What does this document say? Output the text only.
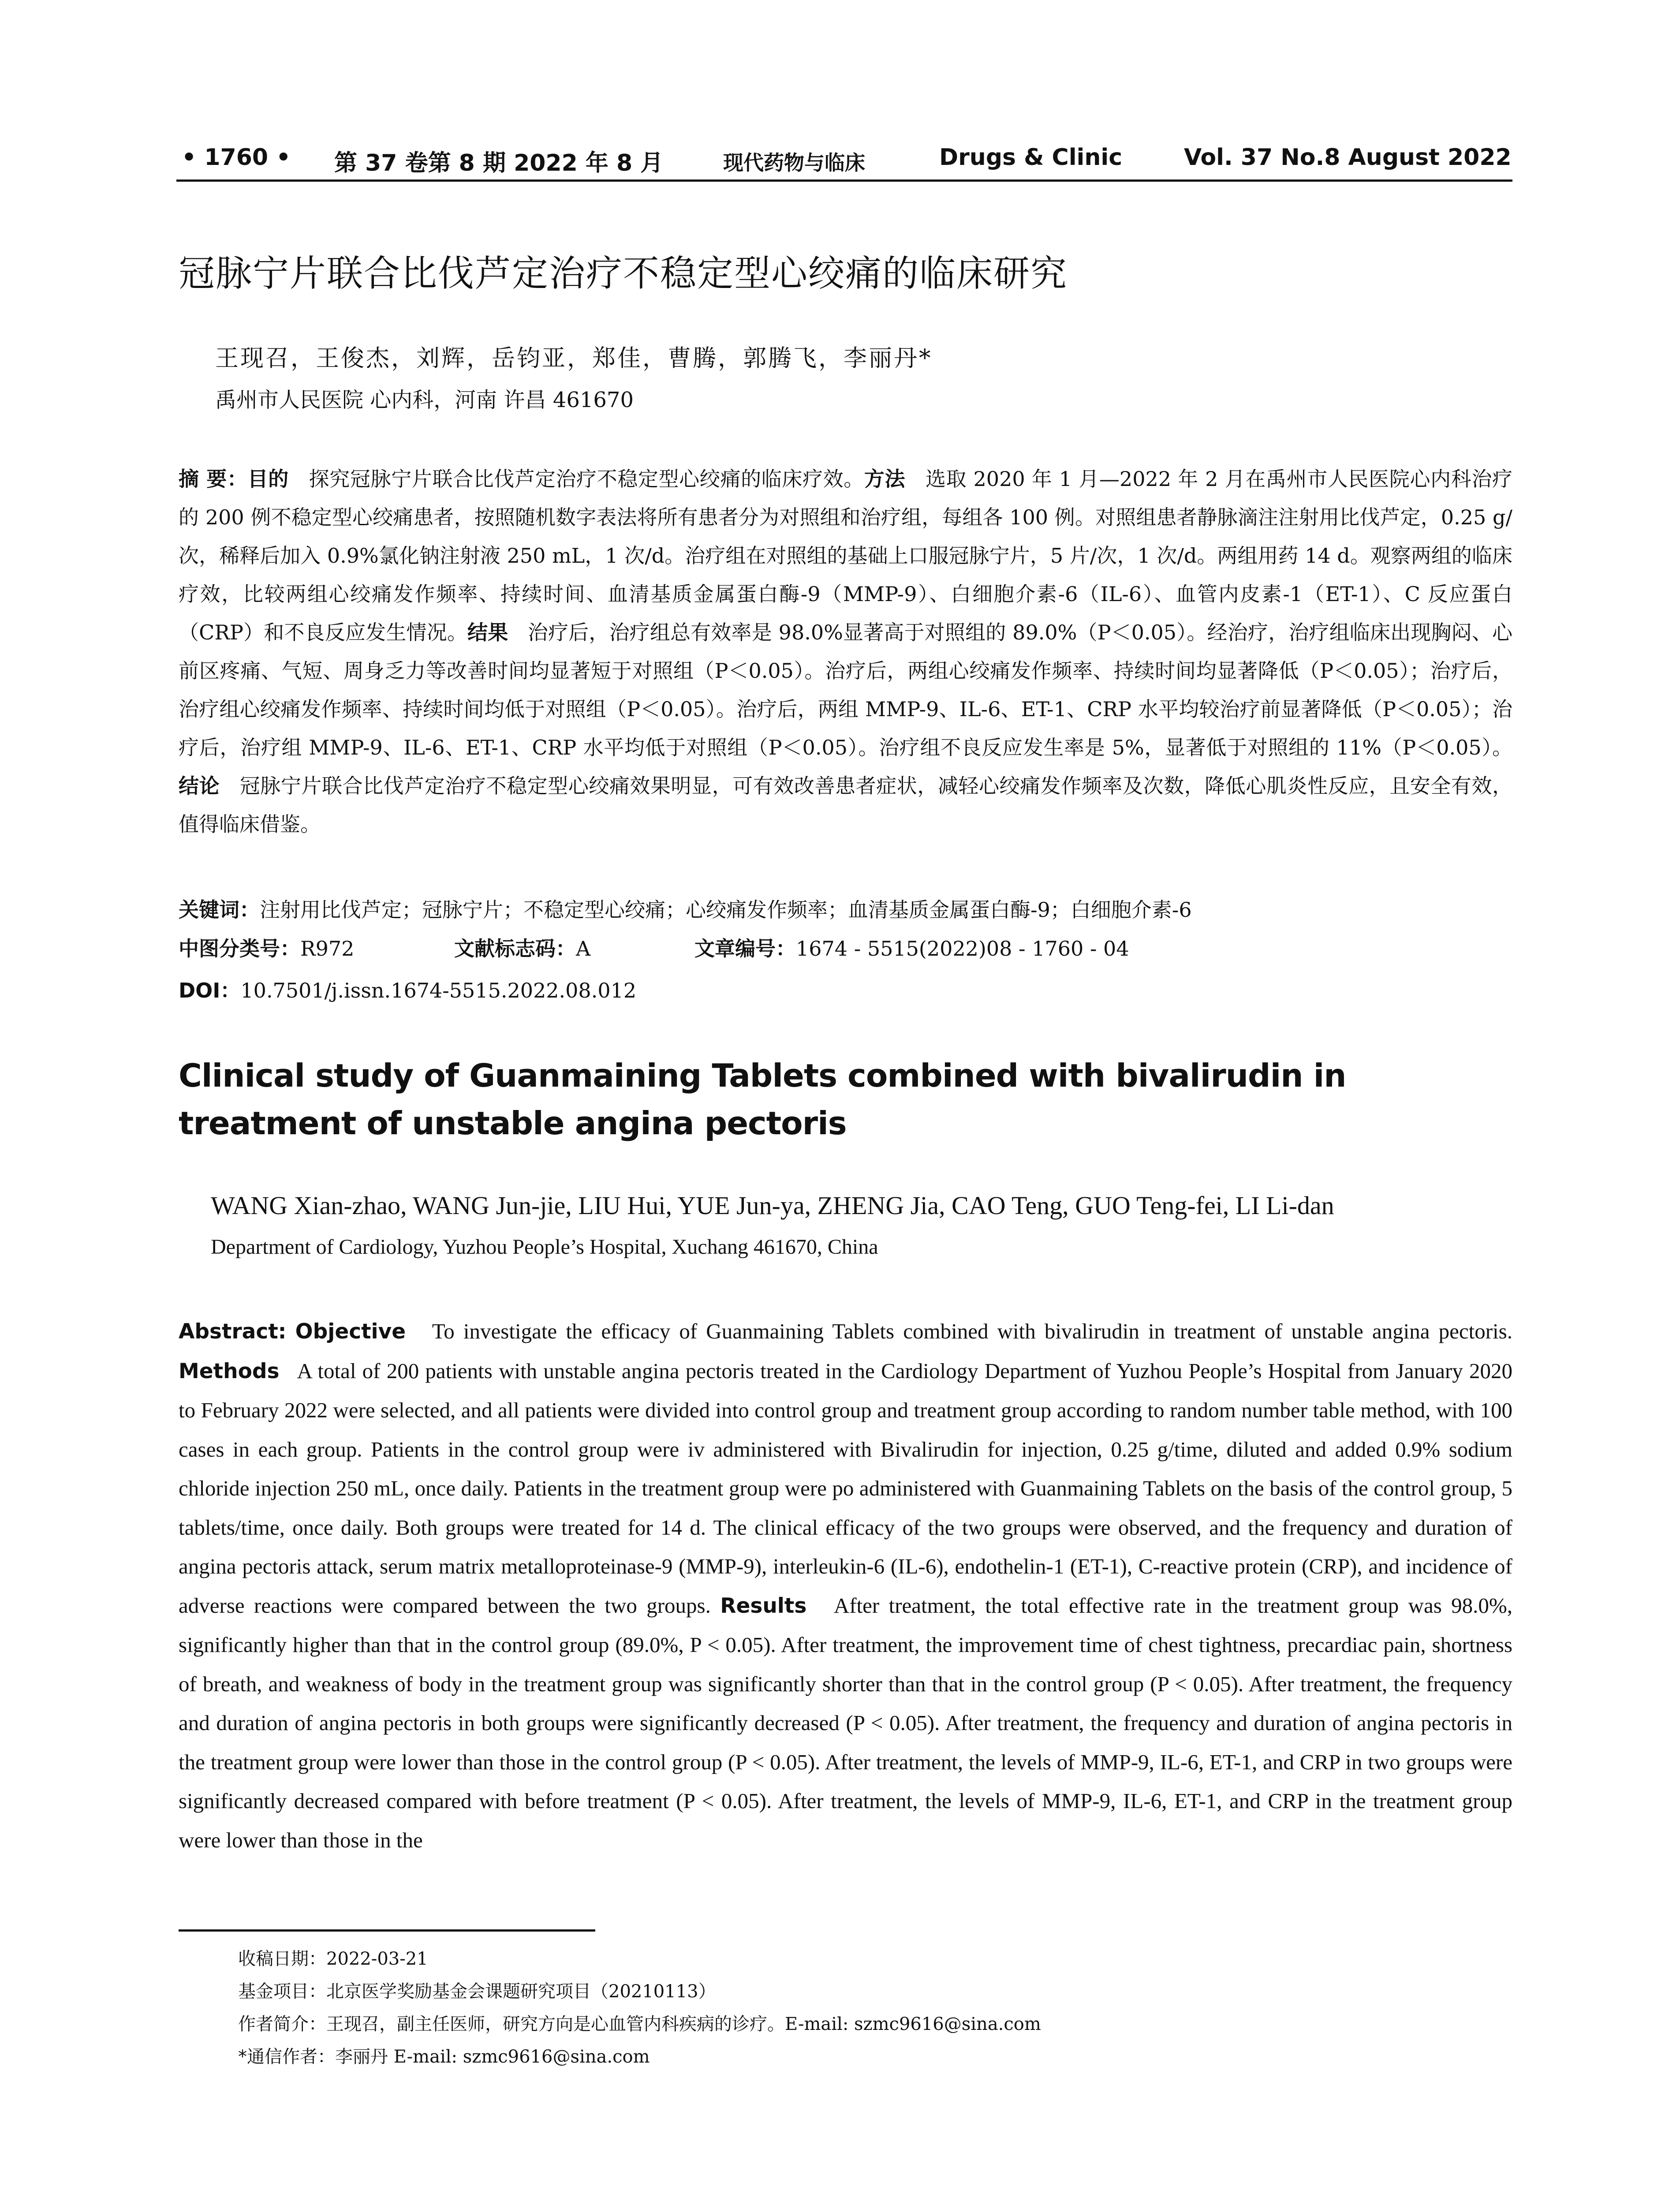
• 1760 • 第 37 卷第 8 期 2022 年 8 月	现代药物与临床	Drugs & Clinic	Vol. 37 No.8 August 2022
冠脉宁片联合比伐芦定治疗不稳定型心绞痛的临床研究
王现召，王俊杰，刘辉，岳钧亚，郑佳，曹腾，郭腾飞，李丽丹*
禹州市人民医院 心内科，河南 许昌 461670

摘 要：目的 探究冠脉宁片联合比伐芦定治疗不稳定型心绞痛的临床疗效。方法 选取 2020 年 1 月—2022 年 2 月在禹州市人民医院心内科治疗的 200 例不稳定型心绞痛患者，按照随机数字表法将所有患者分为对照组和治疗组，每组各 100 例。对照组患者静脉滴注注射用比伐芦定，0.25 g/次，稀释后加入 0.9%氯化钠注射液 250 mL，1 次/d。治疗组在对照组的基础上口服冠脉宁片，5 片/次，1 次/d。两组用药 14 d。观察两组的临床疗效，比较两组心绞痛发作频率、持续时间、血清基质金属蛋白酶-9（MMP-9）、白细胞介素-6（IL-6）、血管内皮素-1（ET-1）、C 反应蛋白（CRP）和不良反应发生情况。结果 治疗后，治疗组总有效率是 98.0%显著高于对照组的 89.0%（P＜0.05）。经治疗，治疗组临床出现胸闷、心前区疼痛、气短、周身乏力等改善时间均显著短于对照组（P＜0.05）。治疗后，两组心绞痛发作频率、持续时间均显著降低（P＜0.05）；治疗后，治疗组心绞痛发作频率、持续时间均低于对照组（P＜0.05）。治疗后，两组 MMP-9、IL-6、ET-1、CRP 水平均较治疗前显著降低（P＜0.05）；治疗后，治疗组 MMP-9、IL-6、ET-1、CRP 水平均低于对照组（P＜0.05）。治疗组不良反应发生率是 5%，显著低于对照组的 11%（P＜0.05）。结论 冠脉宁片联合比伐芦定治疗不稳定型心绞痛效果明显，可有效改善患者症状，减轻心绞痛发作频率及次数，降低心肌炎性反应，且安全有效，值得临床借鉴。

关键词：注射用比伐芦定；冠脉宁片；不稳定型心绞痛；心绞痛发作频率；血清基质金属蛋白酶-9；白细胞介素-6

中图分类号：R972	文献标志码：A	文章编号：1674 - 5515(2022)08 - 1760 - 04
DOI：10.7501/j.issn.1674-5515.2022.08.012
Clinical study of Guanmaining Tablets combined with bivalirudin in treatment of unstable angina pectoris
WANG Xian-zhao, WANG Jun-jie, LIU Hui, YUE Jun-ya, ZHENG Jia, CAO Teng, GUO Teng-fei, LI Li-dan
Department of Cardiology, Yuzhou People’s Hospital, Xuchang 461670, China

Abstract: Objective To investigate the efficacy of Guanmaining Tablets combined with bivalirudin in treatment of unstable angina pectoris. Methods A total of 200 patients with unstable angina pectoris treated in the Cardiology Department of Yuzhou People’s Hospital from January 2020 to February 2022 were selected, and all patients were divided into control group and treatment group according to random number table method, with 100 cases in each group. Patients in the control group were iv administered with Bivalirudin for injection, 0.25 g/time, diluted and added 0.9% sodium chloride injection 250 mL, once daily. Patients in the treatment group were po administered with Guanmaining Tablets on the basis of the control group, 5 tablets/time, once daily. Both groups were treated for 14 d. The clinical efficacy of the two groups were observed, and the frequency and duration of angina pectoris attack, serum matrix metalloproteinase-9 (MMP-9), interleukin-6 (IL-6), endothelin-1 (ET-1), C-reactive protein (CRP), and incidence of adverse reactions were compared between the two groups. Results After treatment, the total effective rate in the treatment group was 98.0%, significantly higher than that in the control group (89.0%, P < 0.05). After treatment, the improvement time of chest tightness, precardiac pain, shortness of breath, and weakness of body in the treatment group was significantly shorter than that in the control group (P < 0.05). After treatment, the frequency and duration of angina pectoris in both groups were significantly decreased (P < 0.05). After treatment, the frequency and duration of angina pectoris in the treatment group were lower than those in the control group (P < 0.05). After treatment, the levels of MMP-9, IL-6, ET-1, and CRP in two groups were significantly decreased compared with before treatment (P < 0.05). After treatment, the levels of MMP-9, IL-6, ET-1, and CRP in the treatment group were lower than those in the

收稿日期：2022-03-21
基金项目：北京医学奖励基金会课题研究项目（20210113）
作者简介：王现召，副主任医师，研究方向是心血管内科疾病的诊疗。E-mail: szmc9616@sina.com
*通信作者：李丽丹 E-mail: szmc9616@sina.com
